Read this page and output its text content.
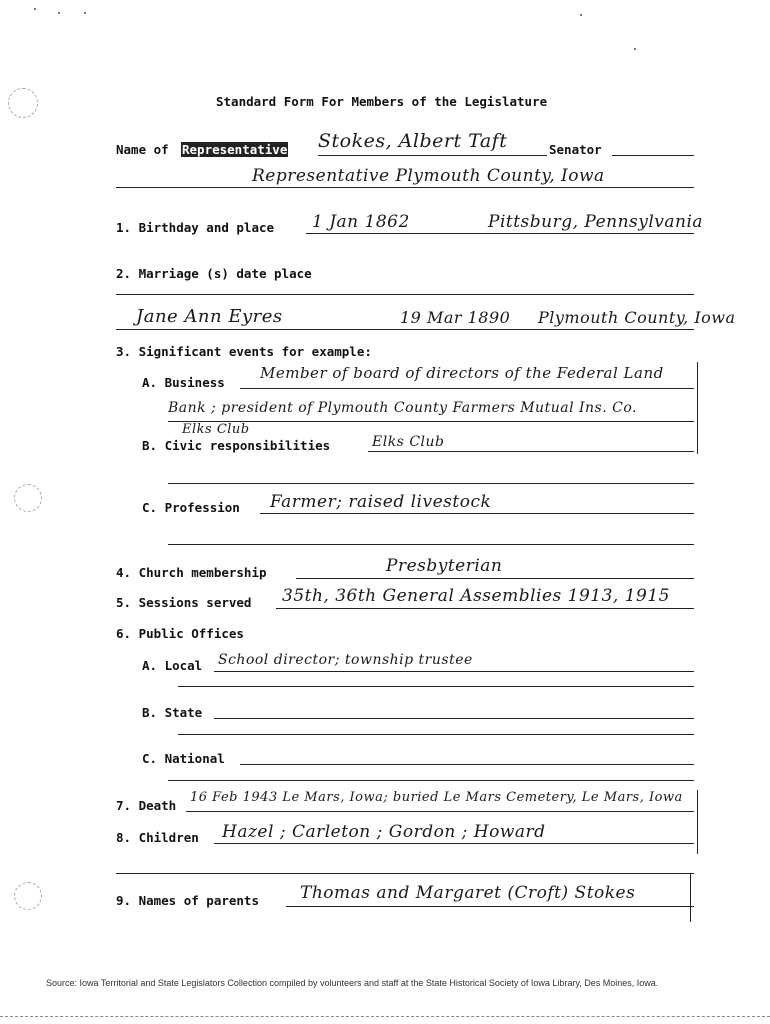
Standard Form For Members of the Legislature
Name of Representative Stokes, Albert Taft	Senator
Representative Plymouth County, Iowa
1. Birthday and place 1 Jan 1862	Pittsburg, Pennsylvania
2. Marriage (s) date place
Jane Ann Eyres	19 Mar 1890 Plymouth County, Iowa
3. Significant events for example:
A. Business
Member of board of directors of the Federal Land
Bank ; president of Plymouth County Farmers Mutual Ins. Co.
Elks Club
B. Civic responsibilities	Elks Club
C. Profession Farmer; raised livestock
4. Church membership	Presbyterian
5. Sessions served 35th, 36th General Assemblies 1913, 1915
6. Public Offices
A. Local School director; township trustee
B. State
C. National
7. Death
16 Feb 1943 Le Mars, Iowa; buried Le Mars Cemetery, Le Mars, Iowa
8. Children Hazel ; Carleton ; Gordon ; Howard
9. Names of parents Thomas and Margaret (Croft) Stokes
Source: Iowa Territorial and State Legislators Collection compiled by volunteers and staff at the State Historical Society of Iowa Library, Des Moines, Iowa.
